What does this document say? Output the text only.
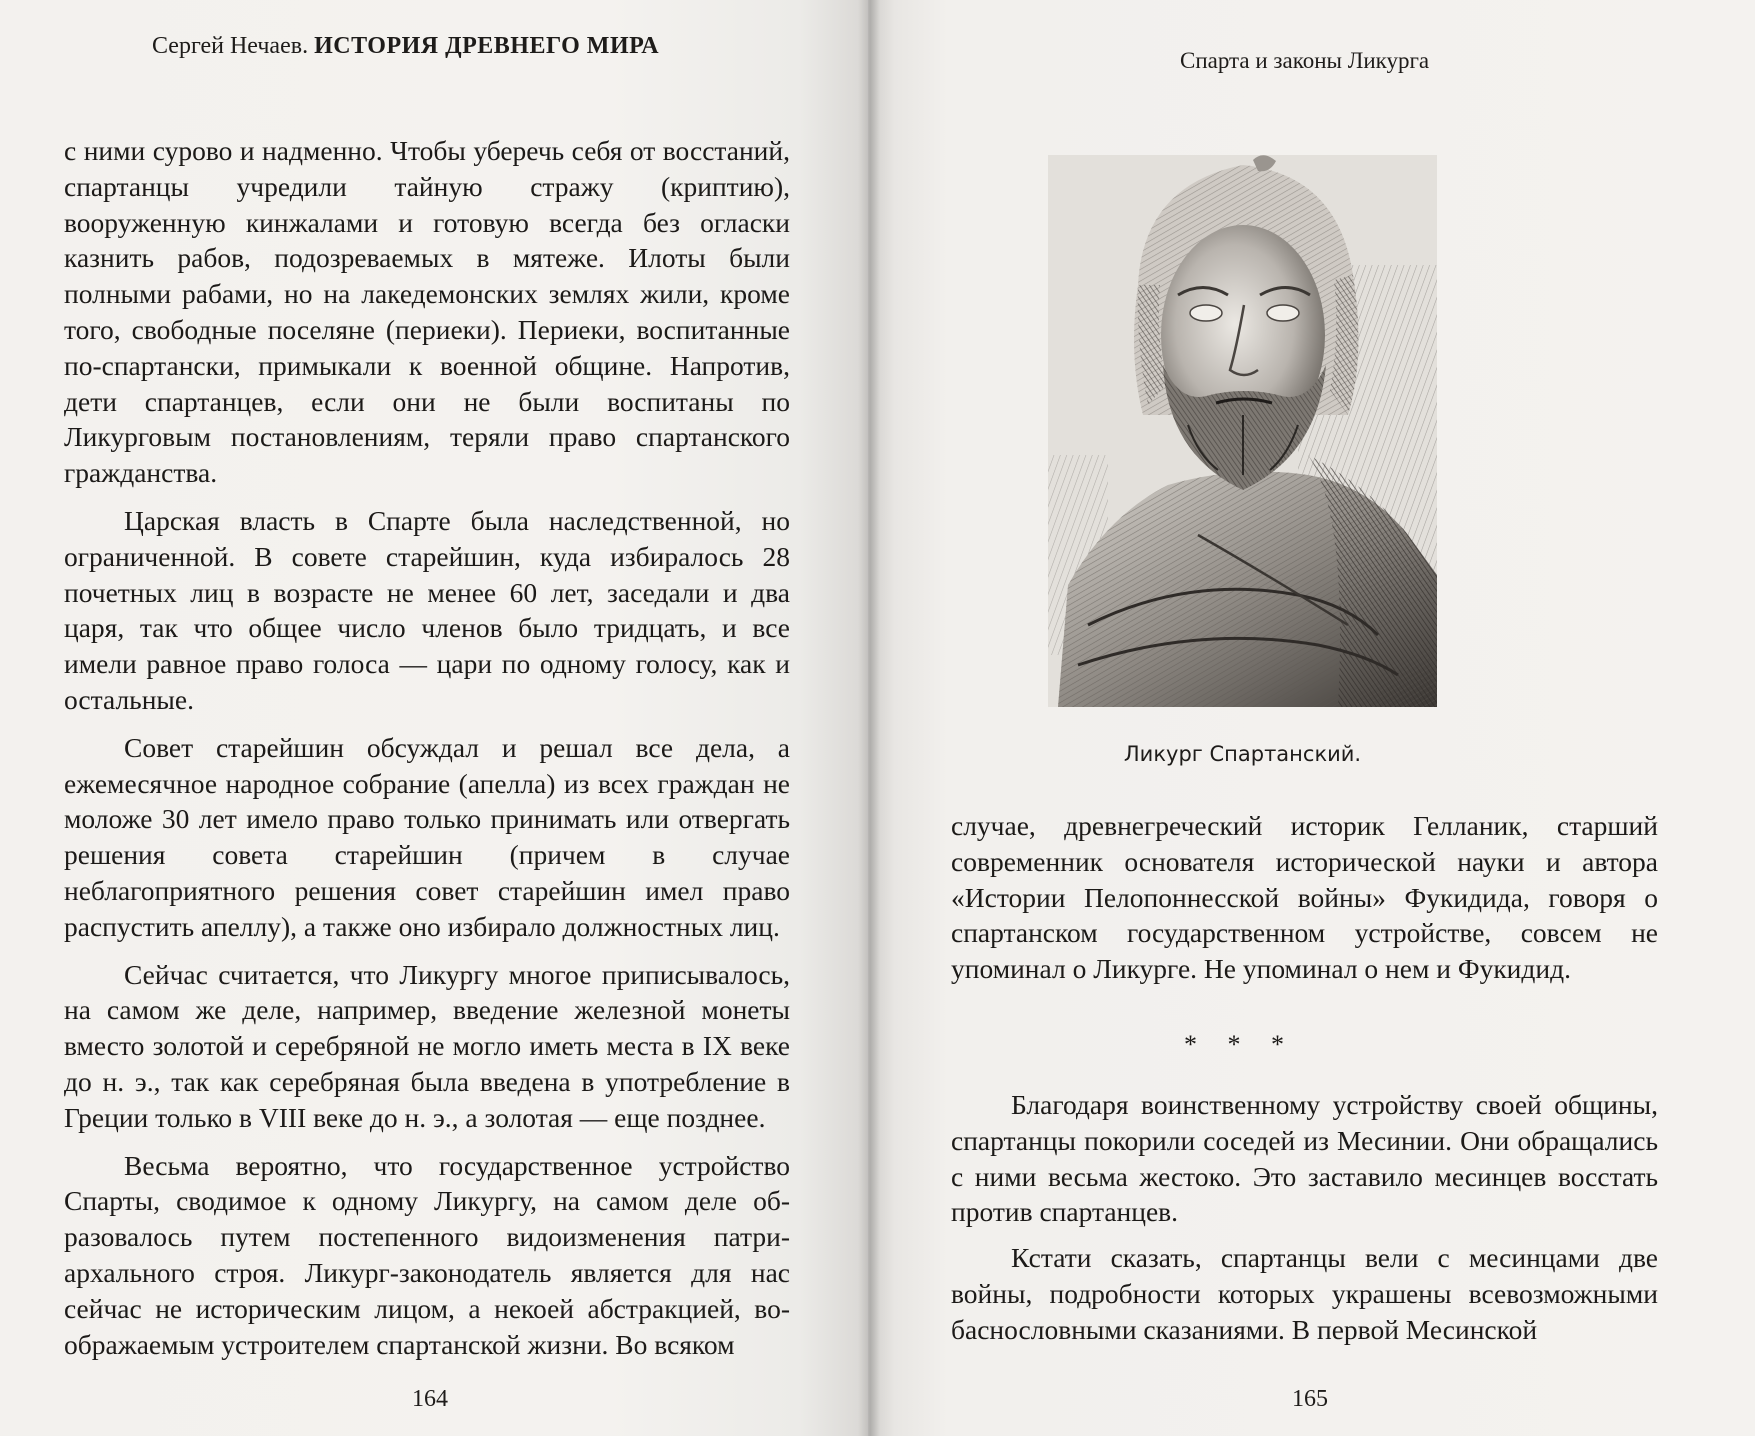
Сергей Нечаев. ИСТОРИЯ ДРЕВНЕГО МИРА

с ними сурово и надменно. Чтобы уберечь себя от восстаний, спартанцы учредили тайную стражу (криптию), вооруженную кинжалами и готовую всегда без огласки казнить рабов, подозреваемых в мятеже. Илоты были полными рабами, но на лакедемонских землях жили, кроме того, свободные поселяне (периеки). Периеки, воспитанные по-спартански, примыкали к военной общине. Напротив, дети спартанцев, если они не были воспитаны по Ликурговым постановлениям, теряли право спартанского гражданства.

Царская власть в Спарте была наследственной, но ограниченной. В совете старейшин, куда избиралось 28 почетных лиц в возрасте не менее 60 лет, заседали и два царя, так что общее число членов было тридцать, и все имели равное право голоса — цари по одному голосу, как и остальные.

Совет старейшин обсуждал и решал все дела, а ежемесячное народное собрание (апелла) из всех граждан не моложе 30 лет имело право только принимать или отвергать решения совета старейшин (причем в случае неблагоприятного решения совет старейшин имел право распустить апеллу), а также оно избирало должностных лиц.

Сейчас считается, что Ликургу многое приписывалось, на самом же деле, например, введение железной монеты вместо золотой и серебряной не могло иметь места в IX веке до н. э., так как серебряная была введена в употребление в Греции только в VIII веке до н. э., а золотая — еще позднее.

Весьма вероятно, что государственное устройство Спарты, сводимое к одному Ликургу, на самом деле образовалось путем постепенного видоизменения патриархального строя. Ликург-законодатель является для нас сейчас не историческим лицом, а некоей абстракцией, воображаемым устроителем спартанской жизни. Во всяком

164
Спарта и законы Ликурга
Ликург Спартанский.

случае, древнегреческий историк Гелланик, старший современник основателя исторической науки и автора «Истории Пелопоннесской войны» Фукидида, говоря о спартанском государственном устройстве, совсем не упоминал о Ликурге. Не упоминал о нем и Фукидид.

* * *

Благодаря воинственному устройству своей общины, спартанцы покорили соседей из Месинии. Они обращались с ними весьма жестоко. Это заставило месинцев восстать против спартанцев.

Кстати сказать, спартанцы вели с месинцами две войны, подробности которых украшены всевозможными баснословными сказаниями. В первой Месинской

165
